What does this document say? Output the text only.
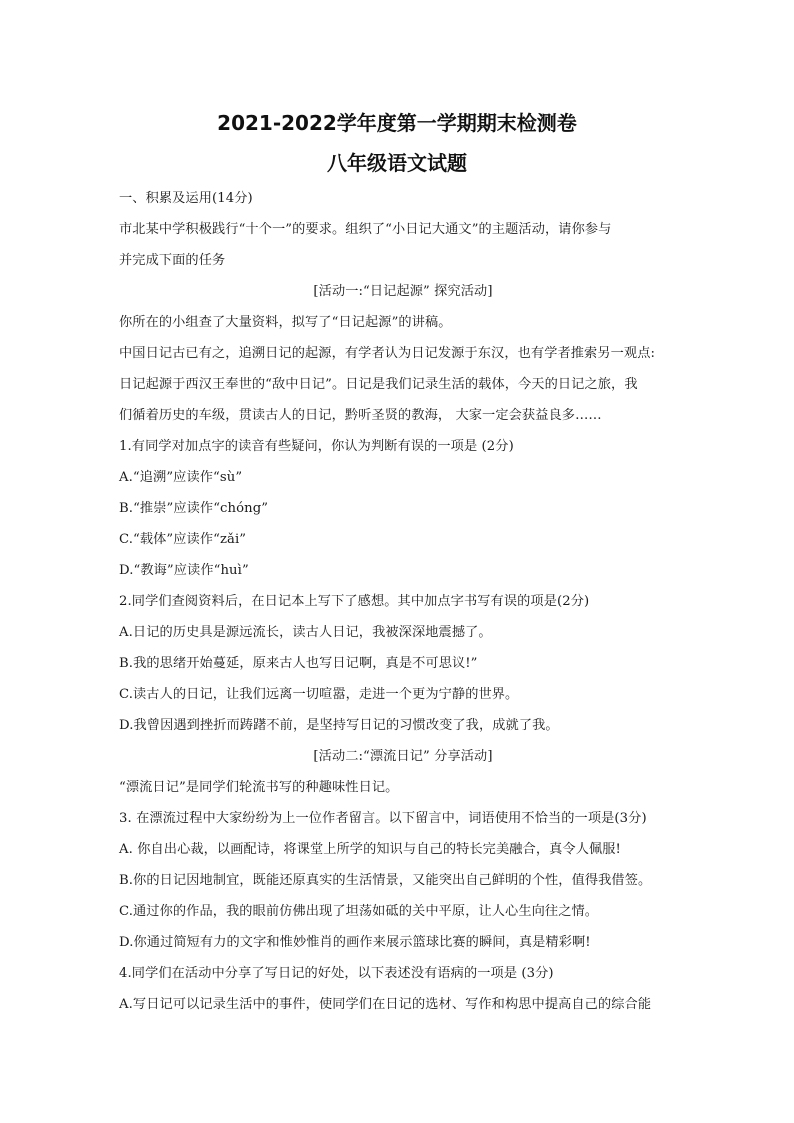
2021-2022学年度第一学期期末检测卷
八年级语文试题
一、积累及运用(14分)
市北某中学积极践行“十个一”的要求。组织了“小日记大通文”的主题活动，请你参与
并完成下面的任务
[活动一:“日记起源” 探究活动]
你所在的小组查了大量资料，拟写了“日记起源”的讲稿。
中国日记古已有之，追溯日记的起源，有学者认为日记发源于东汉，也有学者推索另一观点:
日记起源于西汉王奉世的“敌中日记”。日记是我们记录生活的载体，今天的日记之旅，我
们循着历史的车级，贯读古人的日记，黔听圣贤的教海， 大家一定会获益良多……
1.有同学对加点字的读音有些疑问，你认为判断有误的一项是 (2分)
A.“追溯”应读作“sù”
B.“推崇”应读作“chóng”
C.“载体”应读作“zǎi”
D.“教诲”应读作“huì”
2.同学们查阅资料后，在日记本上写下了感想。其中加点字书写有误的项是(2分)
A.日记的历史具是源远流长，读古人日记，我被深深地震撼了。
B.我的思绪开始蔓延，原来古人也写日记啊，真是不可思议!”
C.读古人的日记，让我们远离一切喧嚣，走进一个更为宁静的世界。
D.我曾因遇到挫折而踌躇不前，是坚持写日记的习惯改变了我，成就了我。
[活动二:“漂流日记” 分享活动]
“漂流日记”是同学们轮流书写的种趣味性日记。
3. 在漂流过程中大家纷纷为上一位作者留言。以下留言中，词语使用不恰当的一项是(3分)
A. 你自出心裁，以画配诗，将课堂上所学的知识与自己的特长完美融合，真令人佩服!
B.你的日记因地制宜，既能还原真实的生活情景，又能突出自己鲜明的个性，值得我借签。
C.通过你的作品，我的眼前仿佛出现了坦荡如砥的关中平原，让人心生向往之情。
D.你通过简短有力的文字和惟妙惟肖的画作来展示篮球比赛的瞬间，真是精彩啊!
4.同学们在活动中分享了写日记的好处，以下表述没有语病的一项是 (3分)
A.写日记可以记录生活中的事件，使同学们在日记的选材、写作和构思中提高自己的综合能
